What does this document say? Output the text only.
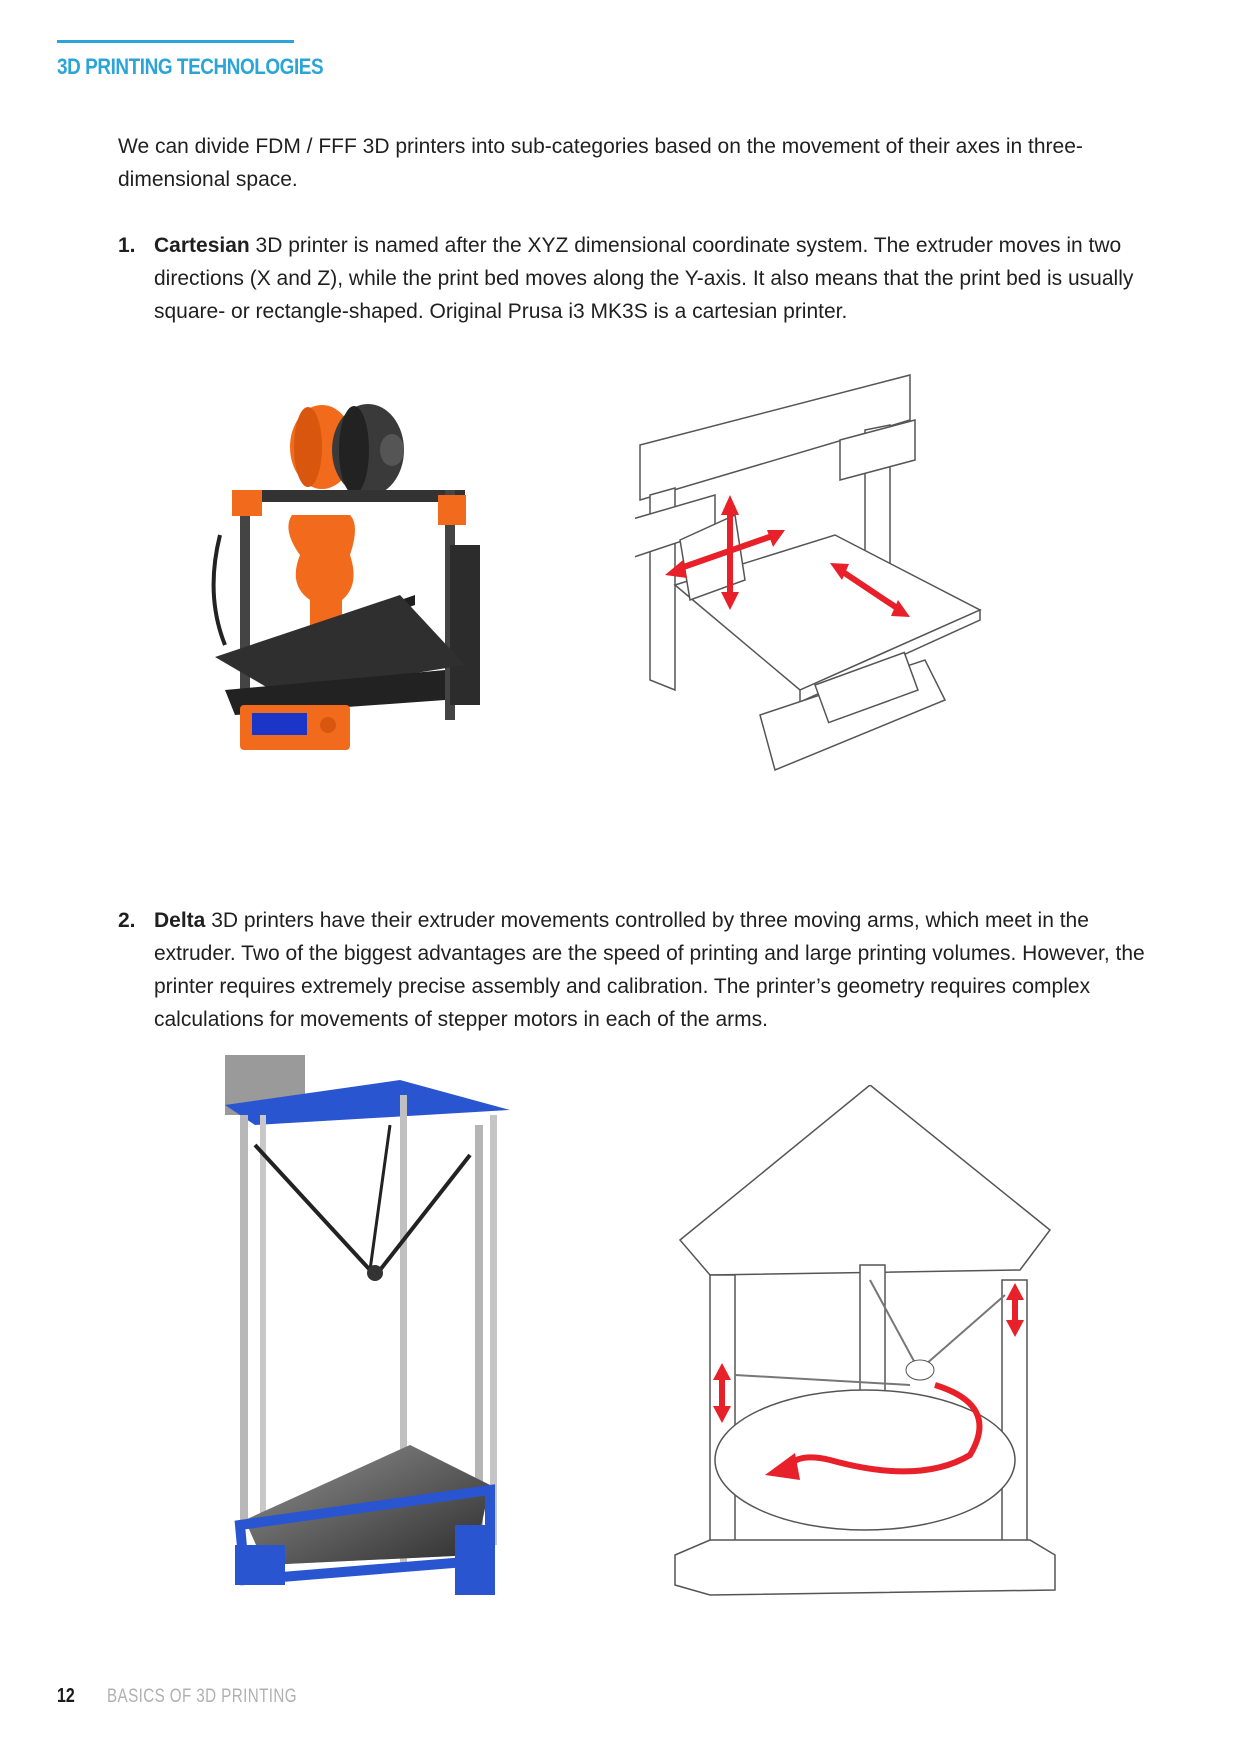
3D PRINTING TECHNOLOGIES

We can divide FDM / FFF 3D printers into sub-categories based on the movement of their axes in three-dimensional space.

1. Cartesian 3D printer is named after the XYZ dimensional coordinate system. The extruder moves in two directions (X and Z), while the print bed moves along the Y-axis. It also means that the print bed is usually square- or rectangle-shaped. Original Prusa i3 MK3S is a cartesian printer.
2. Delta 3D printers have their extruder movements controlled by three moving arms, which meet in the extruder. Two of the biggest advantages are the speed of printing and large printing volumes. However, the printer requires extremely precise assembly and calibration. The printer’s geometry requires complex calculations for movements of stepper motors in each of the arms.
12 BASICS OF 3D PRINTING
